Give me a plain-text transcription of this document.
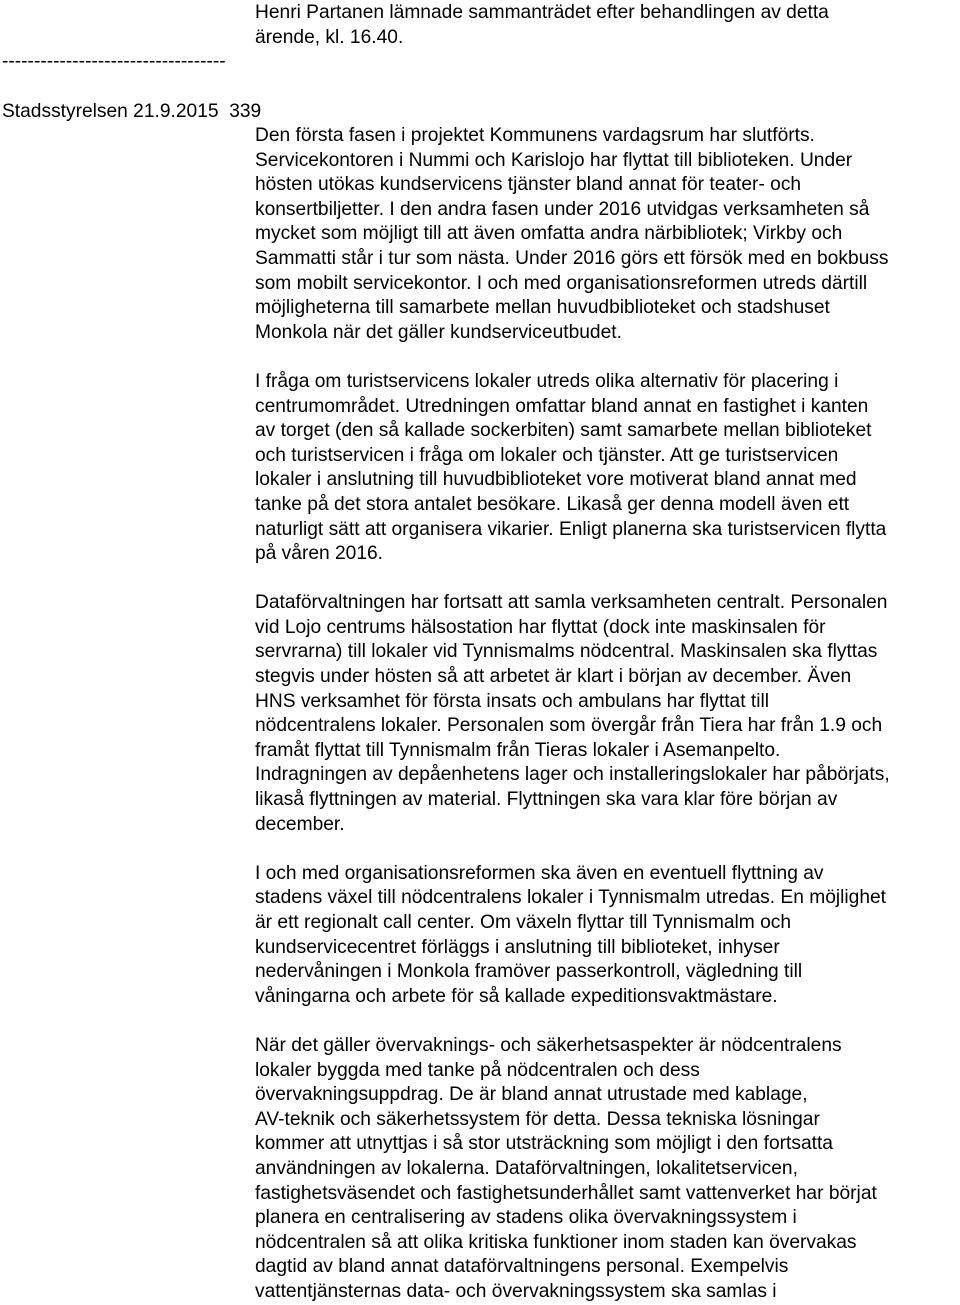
Henri Partanen lämnade sammanträdet efter behandlingen av detta
ärende, kl. 16.40.

-----------------------------------

Stadsstyrelsen 21.9.2015  339

Den första fasen i projektet Kommunens vardagsrum har slutförts.
Servicekontoren i Nummi och Karislojo har flyttat till biblioteken. Under
hösten utökas kundservicens tjänster bland annat för teater- och
konsertbiljetter. I den andra fasen under 2016 utvidgas verksamheten så
mycket som möjligt till att även omfatta andra närbibliotek; Virkby och
Sammatti står i tur som nästa. Under 2016 görs ett försök med en bokbuss
som mobilt servicekontor. I och med organisationsreformen utreds därtill
möjligheterna till samarbete mellan huvudbiblioteket och stadshuset
Monkola när det gäller kundserviceutbudet.

I fråga om turistservicens lokaler utreds olika alternativ för placering i
centrumområdet. Utredningen omfattar bland annat en fastighet i kanten
av torget (den så kallade sockerbiten) samt samarbete mellan biblioteket
och turistservicen i fråga om lokaler och tjänster. Att ge turistservicen
lokaler i anslutning till huvudbiblioteket vore motiverat bland annat med
tanke på det stora antalet besökare. Likaså ger denna modell även ett
naturligt sätt att organisera vikarier. Enligt planerna ska turistservicen flytta
på våren 2016.

Dataförvaltningen har fortsatt att samla verksamheten centralt. Personalen
vid Lojo centrums hälsostation har flyttat (dock inte maskinsalen för
servrarna) till lokaler vid Tynnismalms nödcentral. Maskinsalen ska flyttas
stegvis under hösten så att arbetet är klart i början av december. Även
HNS verksamhet för första insats och ambulans har flyttat till
nödcentralens lokaler. Personalen som övergår från Tiera har från 1.9 och
framåt flyttat till Tynnismalm från Tieras lokaler i Asemanpelto.
Indragningen av depåenhetens lager och installeringslokaler har påbörjats,
likaså flyttningen av material. Flyttningen ska vara klar före början av
december.

I och med organisationsreformen ska även en eventuell flyttning av
stadens växel till nödcentralens lokaler i Tynnismalm utredas. En möjlighet
är ett regionalt call center. Om växeln flyttar till Tynnismalm och
kundservicecentret förläggs i anslutning till biblioteket, inhyser
nedervåningen i Monkola framöver passerkontroll, vägledning till
våningarna och arbete för så kallade expeditionsvaktmästare.

När det gäller övervaknings- och säkerhetsaspekter är nödcentralens
lokaler byggda med tanke på nödcentralen och dess
övervakningsuppdrag. De är bland annat utrustade med kablage,
AV-teknik och säkerhetssystem för detta. Dessa tekniska lösningar
kommer att utnyttjas i så stor utsträckning som möjligt i den fortsatta
användningen av lokalerna. Dataförvaltningen, lokalitetservicen,
fastighetsväsendet och fastighetsunderhållet samt vattenverket har börjat
planera en centralisering av stadens olika övervakningssystem i
nödcentralen så att olika kritiska funktioner inom staden kan övervakas
dagtid av bland annat dataförvaltningens personal. Exempelvis
vattentjänsternas data- och övervakningssystem ska samlas i
